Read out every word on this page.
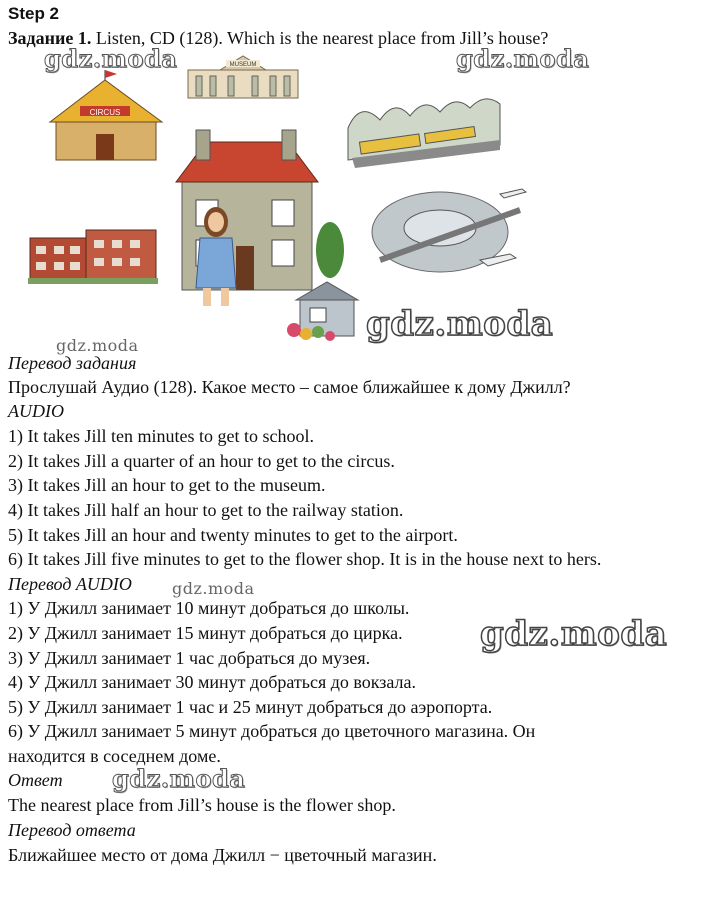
Step 2
Задание 1. Listen, CD (128). Which is the nearest place from Jill’s house?
CIRCUS
MUSEUM
gdz.moda	gdz.moda
gdz.moda
gdz.moda
gdz.moda
gdz.moda
gdz.moda
Перевод задания
Прослушай Аудио (128). Какое место – самое ближайшее к дому Джилл?
AUDIO
1) It takes Jill ten minutes to get to school.
2) It takes Jill a quarter of an hour to get to the circus.
3) It takes Jill an hour to get to the museum.
4) It takes Jill half an hour to get to the railway station.
5) It takes Jill an hour and twenty minutes to get to the airport.
6) It takes Jill five minutes to get to the flower shop. It is in the house next to hers.
Перевод AUDIO
1) У Джилл занимает 10 минут добраться до школы.
2) У Джилл занимает 15 минут добраться до цирка.
3) У Джилл занимает 1 час добраться до музея.
4) У Джилл занимает 30 минут добраться до вокзала.
5) У Джилл занимает 1 час и 25 минут добраться до аэропорта.
6) У Джилл занимает 5 минут добраться до цветочного магазина. Он
находится в соседнем доме.
Ответ
The nearest place from Jill’s house is the flower shop.
Перевод ответа
Ближайшее место от дома Джилл − цветочный магазин.
